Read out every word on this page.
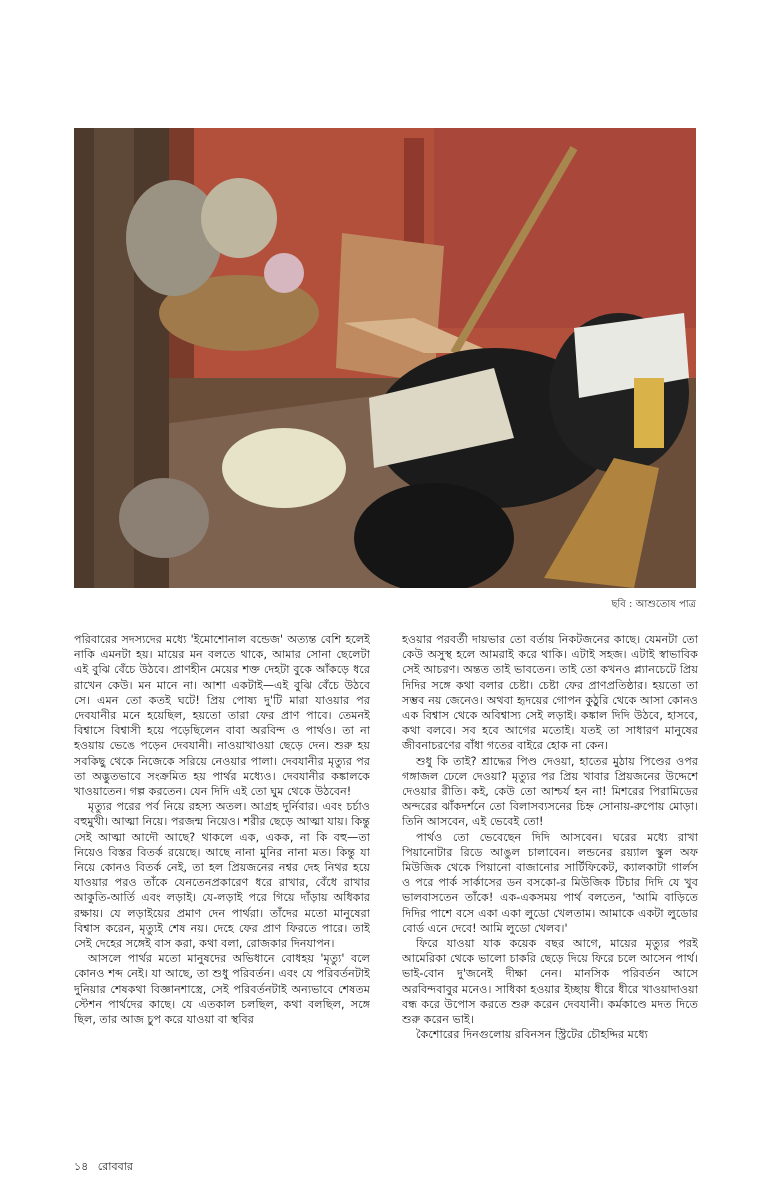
ছবি : আশুতোষ পাত্র

পরিবারের সদস্যদের মধ্যে 'ইমোশোনাল বন্ডেজ' অত্যন্ত বেশি হলেই নাকি এমনটা হয়। মায়ের মন বলতে থাকে, আমার সোনা ছেলেটা এই বুঝি বেঁচে উঠবে। প্রাণহীন মেয়ের শক্ত দেহটা বুকে আঁকড়ে ধরে রাখেন কেউ। মন মানে না। আশা একটাই—এই বুঝি বেঁচে উঠবে সে। এমন তো কতই ঘটে! প্রিয় পোষ্য দু'টি মারা যাওয়ার পর দেবযানীর মনে হয়েছিল, হয়তো তারা ফের প্রাণ পাবে। তেমনই বিশ্বাসে বিশ্বাসী হয়ে পড়েছিলেন বাবা অরবিন্দ ও পার্থও। তা না হওয়ায় ভেঙে পড়েন দেবযানী। নাওয়াখাওয়া ছেড়ে দেন। শুরু হয় সবকিছু থেকে নিজেকে সরিয়ে নেওয়ার পালা। দেবযানীর মৃত্যুর পর তা অদ্ভুতভাবে সংক্রমিত হয় পার্থর মধ্যেও। দেবযানীর কঙ্কালকে খাওয়াতেন। গল্প করতেন। যেন দিদি এই তো ঘুম থেকে উঠবেন!

মৃত্যুর পরের পর্ব নিয়ে রহস্য অতল। আগ্রহ দুর্নিবার। এবং চর্চাও বহুমুখী। আত্মা নিয়ে। পরজন্ম নিয়েও। শরীর ছেড়ে আত্মা যায়। কিন্তু সেই আত্মা আদৌ আছে? থাকলে এক, একক, না কি বহু—তা নিয়েও বিস্তর বিতর্ক রয়েছে। আছে নানা মুনির নানা মত। কিন্তু যা নিয়ে কোনও বিতর্ক নেই, তা হল প্রিয়জনের নশ্বর দেহ নিথর হয়ে যাওয়ার পরও তাঁকে যেনতেনপ্রকারেণ ধরে রাখার, বেঁধে রাখার আকুতি-আর্তি এবং লড়াই। যে-লড়াই পরে গিয়ে দাঁড়ায় অধিকার রক্ষায়। যে লড়াইয়ের প্রমাণ দেন পার্থরা। তাঁদের মতো মানুষেরা বিশ্বাস করেন, মৃত্যুই শেষ নয়। দেহে ফের প্রাণ ফিরতে পারে। তাই সেই দেহের সঙ্গেই বাস করা, কথা বলা, রোজকার দিনযাপন।

আসলে পার্থর মতো মানুষদের অভিধানে বোধহয় 'মৃত্যু' বলে কোনও শব্দ নেই। যা আছে, তা শুধু পরিবর্তন। এবং যে পরিবর্তনটাই দুনিয়ার শেষকথা বিজ্ঞানশাস্ত্রে, সেই পরিবর্তনটাই অন্যভাবে শেষতম স্টেশন পার্থদের কাছে। যে এতকাল চলছিল, কথা বলছিল, সঙ্গে ছিল, তার আজ চুপ করে যাওয়া বা স্থবির

হওয়ার পরবর্তী দায়ভার তো বর্তায় নিকটজনের কাছে। যেমনটা তো কেউ অসুস্থ হলে আমরাই করে থাকি। এটাই সহজ। এটাই স্বাভাবিক সেই আচরণ। অন্তত তাই ভাবতেন। তাই তো কখনও প্ল্যানচেটে প্রিয় দিদির সঙ্গে কথা বলার চেষ্টা। চেষ্টা ফের প্রাণপ্রতিষ্ঠার। হয়তো তা সম্ভব নয় জেনেও। অথবা হৃদয়ের গোপন কুঠুরি থেকে আসা কোনও এক বিশ্বাস থেকে অবিশ্বাস্য সেই লড়াই। কঙ্কাল দিদি উঠবে, হাসবে, কথা বলবে। সব হবে আগের মতোই। যতই তা সাধারণ মানুষের জীবনাচরণের বাঁধা গতের বাইরে হোক না কেন।

শুধু কি তাই? শ্রাদ্ধের পিণ্ড দেওয়া, হাতের মুঠায় পিণ্ডের ওপর গঙ্গাজল ঢেলে দেওয়া? মৃত্যুর পর প্রিয় খাবার প্রিয়জনের উদ্দেশে দেওয়ার রীতি। কই, কেউ তো আশ্চর্য হন না! মিশরের পিরামিডের অন্দরের ঝাঁকদর্শনে তো বিলাসব্যসনের চিহ্ন সোনায়-রুপোয় মোড়া। তিনি আসবেন, এই ভেবেই তো!

পার্থও তো ভেবেছেন দিদি আসবেন। ঘরের মধ্যে রাখা পিয়ানোটার রিডে আঙুল চালাবেন। লন্ডনের রয়্যাল স্কুল অফ মিউজিক থেকে পিয়ানো বাজানোর সার্টিফিকেট, ক্যালকাটা গার্লস ও পরে পার্ক সার্কাসের ডন বসকো-র মিউজিক টিচার দিদি যে খুব ভালবাসতেন তাঁকে! এক-একসময় পার্থ বলতেন, 'আমি বাড়িতে দিদির পাশে বসে একা একা লুডো খেলতাম। আমাকে একটা লুডোর বোর্ড এনে দেবে! আমি লুডো খেলব।'

ফিরে যাওয়া যাক কয়েক বছর আগে, মায়ের মৃত্যুর পরই আমেরিকা থেকে ভালো চাকরি ছেড়ে দিয়ে ফিরে চলে আসেন পার্থ। ভাই-বোন দু'জনেই দীক্ষা নেন। মানসিক পরিবর্তন আসে অরবিন্দবাবুর মনেও। সাধিকা হওয়ার ইচ্ছায় ধীরে ধীরে খাওয়াদাওয়া বন্ধ করে উপোস করতে শুরু করেন দেবযানী। কর্মকাণ্ডে মদত দিতে শুরু করেন ভাই।

কৈশোরের দিনগুলোয় রবিনসন স্ট্রিটের চৌহদ্দির মধ্যে

১৪ রোববার
